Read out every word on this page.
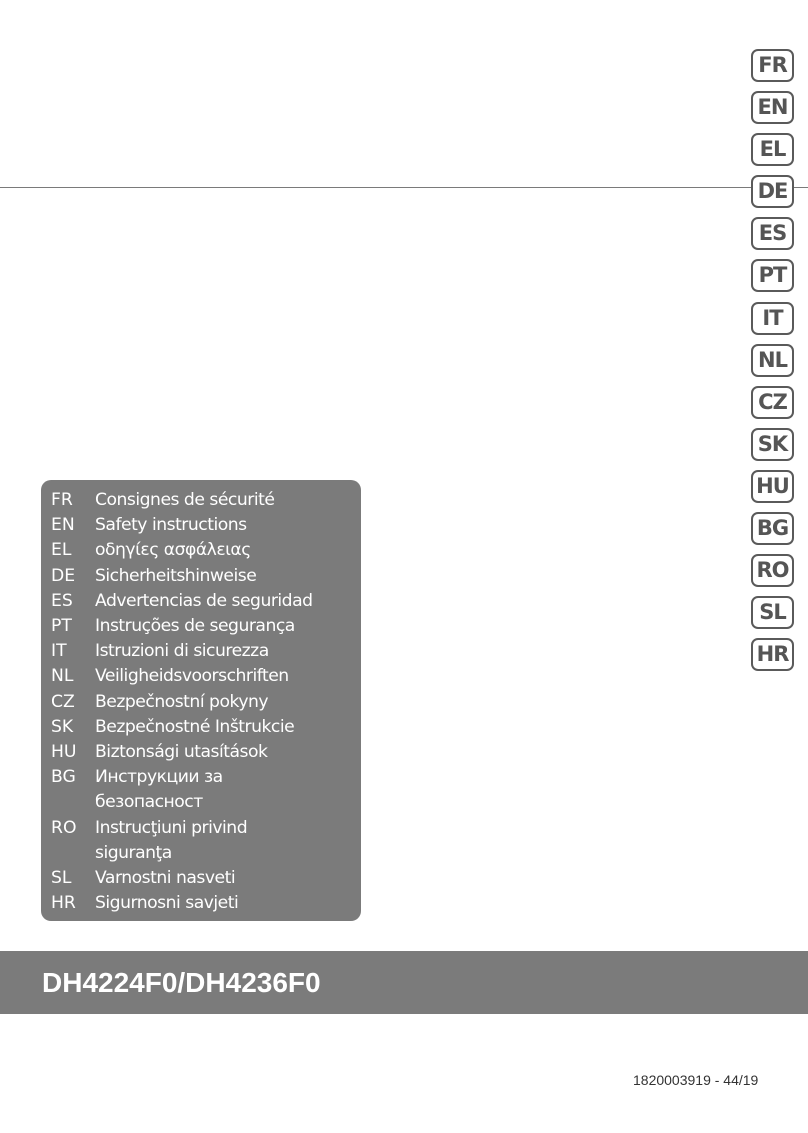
FR
EN
EL
DE
ES
PT
IT
NL
CZ
SK
HU
BG
RO
SL
HR
FR	Consignes de sécurité
EN	Safety instructions
EL	οδηγίες ασφάλειας
DE	Sicherheitshinweise
ES	Advertencias de seguridad
PT	Instruções de segurança
IT	Istruzioni di sicurezza
NL	Veiligheidsvoorschriften
CZ	Bezpečnostní pokyny
SK	Bezpečnostné Inštrukcie
HU	Biztonsági utasítások
BG	Инструкции за
безопасност
RO	Instrucţiuni privind
siguranţa
SL	Varnostni nasveti
HR	Sigurnosni savjeti
DH4224F0/DH4236F0
1820003919 - 44/19
